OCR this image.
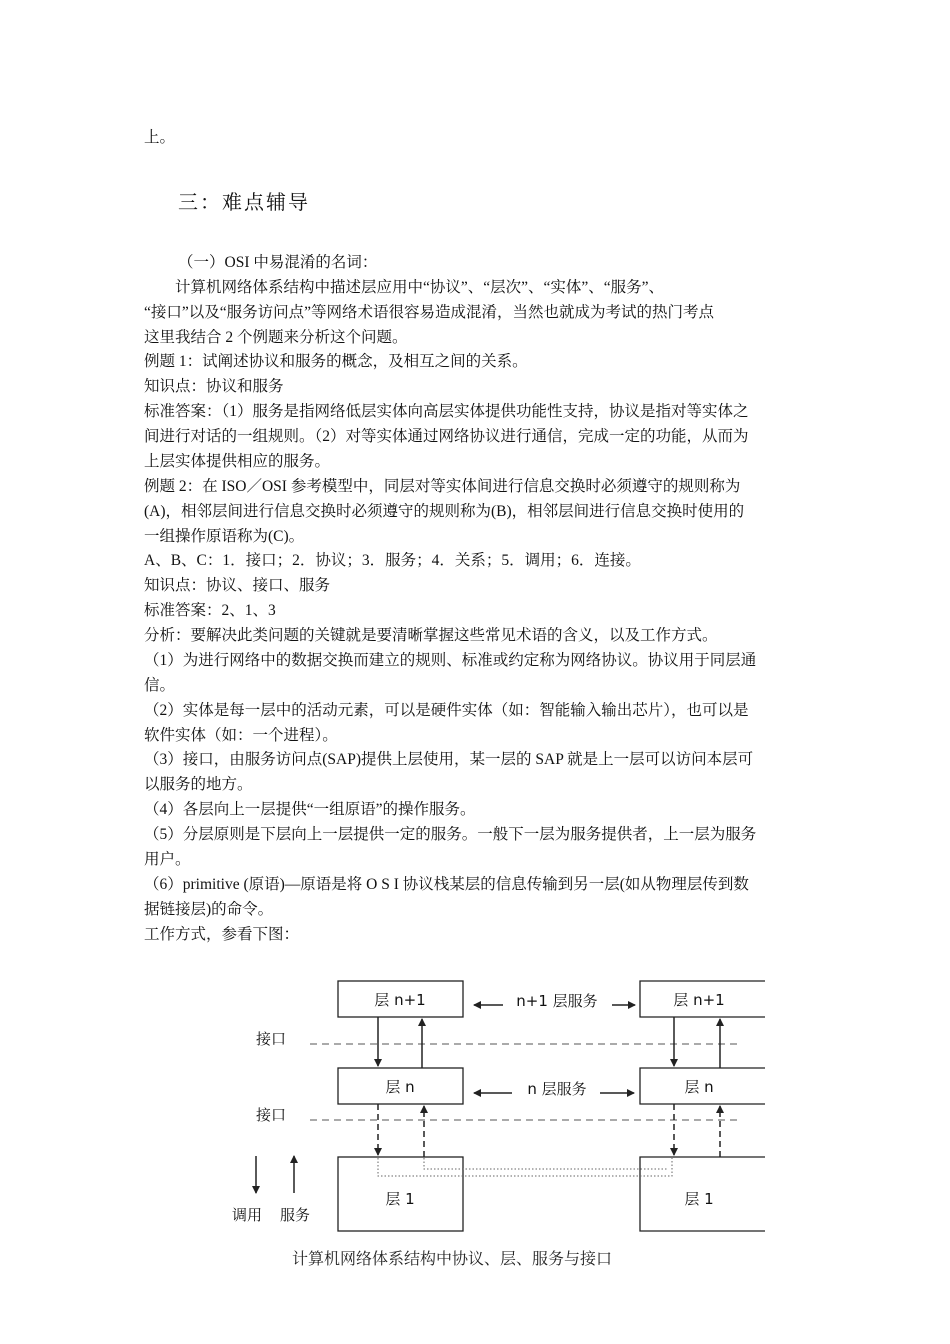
上。
三：难点辅导
（一）OSI 中易混淆的名词：
　　计算机网络体系结构中描述层应用中“协议”、“层次”、“实体”、“服务”、
“接口”以及“服务访问点”等网络术语很容易造成混淆，当然也就成为考试的热门考点
这里我结合 2 个例题来分析这个问题。
例题 1：试阐述协议和服务的概念，及相互之间的关系。
知识点：协议和服务
标准答案：（1）服务是指网络低层实体向高层实体提供功能性支持，协议是指对等实体之
间进行对话的一组规则。（2）对等实体通过网络协议进行通信，完成一定的功能，从而为
上层实体提供相应的服务。
例题 2：在 ISO／OSI 参考模型中，同层对等实体间进行信息交换时必须遵守的规则称为
(A)，相邻层间进行信息交换时必须遵守的规则称为(B)，相邻层间进行信息交换时使用的
一组操作原语称为(C)。
A、B、C：1．接口；2．协议；3．服务；4．关系；5．调用；6．连接。
知识点：协议、接口、服务
标准答案：2、1、3
分析：要解决此类问题的关键就是要清晰掌握这些常见术语的含义，以及工作方式。
（1）为进行网络中的数据交换而建立的规则、标准或约定称为网络协议。协议用于同层通
信。
（2）实体是每一层中的活动元素，可以是硬件实体（如：智能输入输出芯片），也可以是
软件实体（如：一个进程）。
（3）接口，由服务访问点(SAP)提供上层使用，某一层的 SAP 就是上一层可以访问本层可
以服务的地方。
（4）各层向上一层提供“一组原语”的操作服务。
（5）分层原则是下层向上一层提供一定的服务。一般下一层为服务提供者，上一层为服务
用户。
（6）primitive (原语)—原语是将 O S I 协议栈某层的信息传输到另一层(如从物理层传到数
据链接层)的命令。
工作方式，参看下图：
层 n+1
层 n
层 1
层 n+1
层 n
层 1
n+1 层服务
n 层服务
接口
接口
调用 服务
计算机网络体系结构中协议、层、服务与接口
